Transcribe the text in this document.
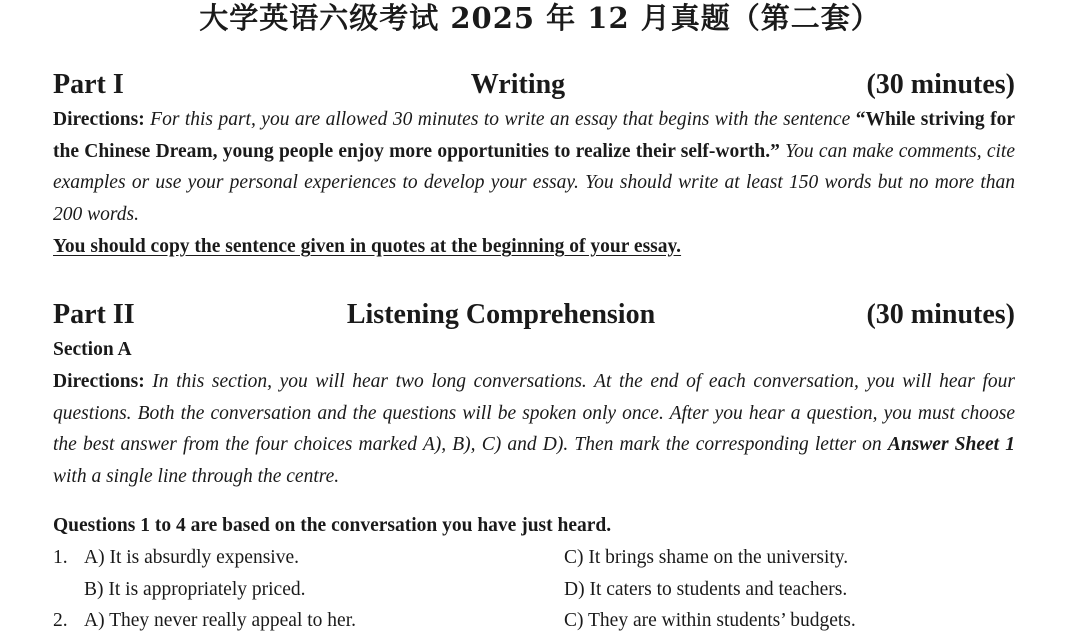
大学英语六级考试 2025 年 12 月真题（第二套）
Part I	Writing	(30 minutes)
Directions: For this part, you are allowed 30 minutes to write an essay that begins with the sentence “While striving for the Chinese Dream, young people enjoy more opportunities to realize their self-worth.” You can make comments, cite examples or use your personal experiences to develop your essay. You should write at least 150 words but no more than 200 words.
You should copy the sentence given in quotes at the beginning of your essay.
Part II	Listening Comprehension	(30 minutes)
Section A
Directions: In this section, you will hear two long conversations. At the end of each conversation, you will hear four questions. Both the conversation and the questions will be spoken only once. After you hear a question, you must choose the best answer from the four choices marked A), B), C) and D). Then mark the corresponding letter on Answer Sheet 1 with a single line through the centre.
Questions 1 to 4 are based on the conversation you have just heard.
1. A) It is absurdly expensive.	C) It brings shame on the university.
B) It is appropriately priced.	D) It caters to students and teachers.
2. A) They never really appeal to her.	C) They are within students’ budgets.
